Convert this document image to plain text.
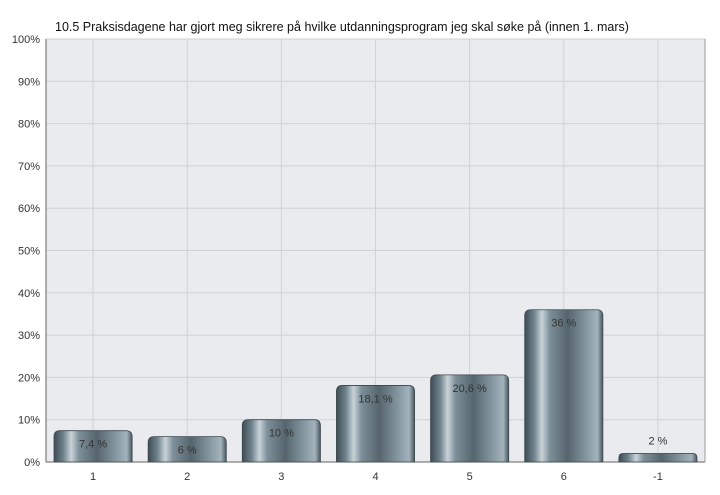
10.5 Praksisdagene har gjort meg sikrere på hvilke utdanningsprogram jeg skal søke på (innen 1. mars)
0%
10%
20%
30%
40%
50%
60%
70%
80%
90%
100%
7,4 %
1
6 %
2
10 %
3
18,1 %
4
20,6 %
5
36 %
6
2 %
-1
